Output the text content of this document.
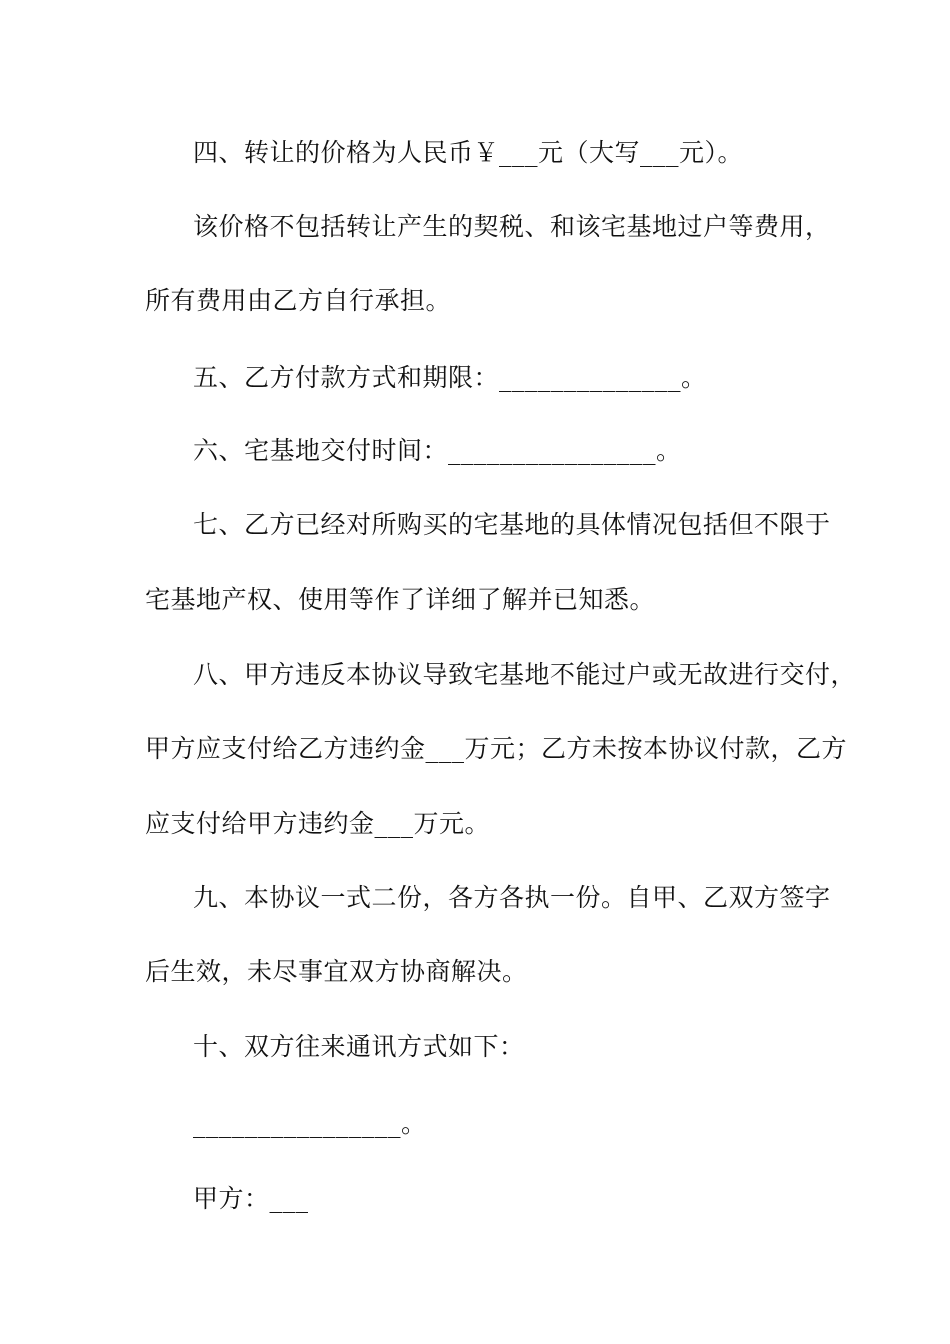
四、转让的价格为人民币￥___元（大写___元）。
该价格不包括转让产生的契税、和该宅基地过户等费用，
所有费用由乙方自行承担。
五、乙方付款方式和期限：______________。
六、宅基地交付时间：________________。
七、乙方已经对所购买的宅基地的具体情况包括但不限于
宅基地产权、使用等作了详细了解并已知悉。
八、甲方违反本协议导致宅基地不能过户或无故进行交付，
甲方应支付给乙方违约金___万元；乙方未按本协议付款，乙方
应支付给甲方违约金___万元。
九、本协议一式二份，各方各执一份。自甲、乙双方签字
后生效，未尽事宜双方协商解决。
十、双方往来通讯方式如下：
________________。
甲方：___
